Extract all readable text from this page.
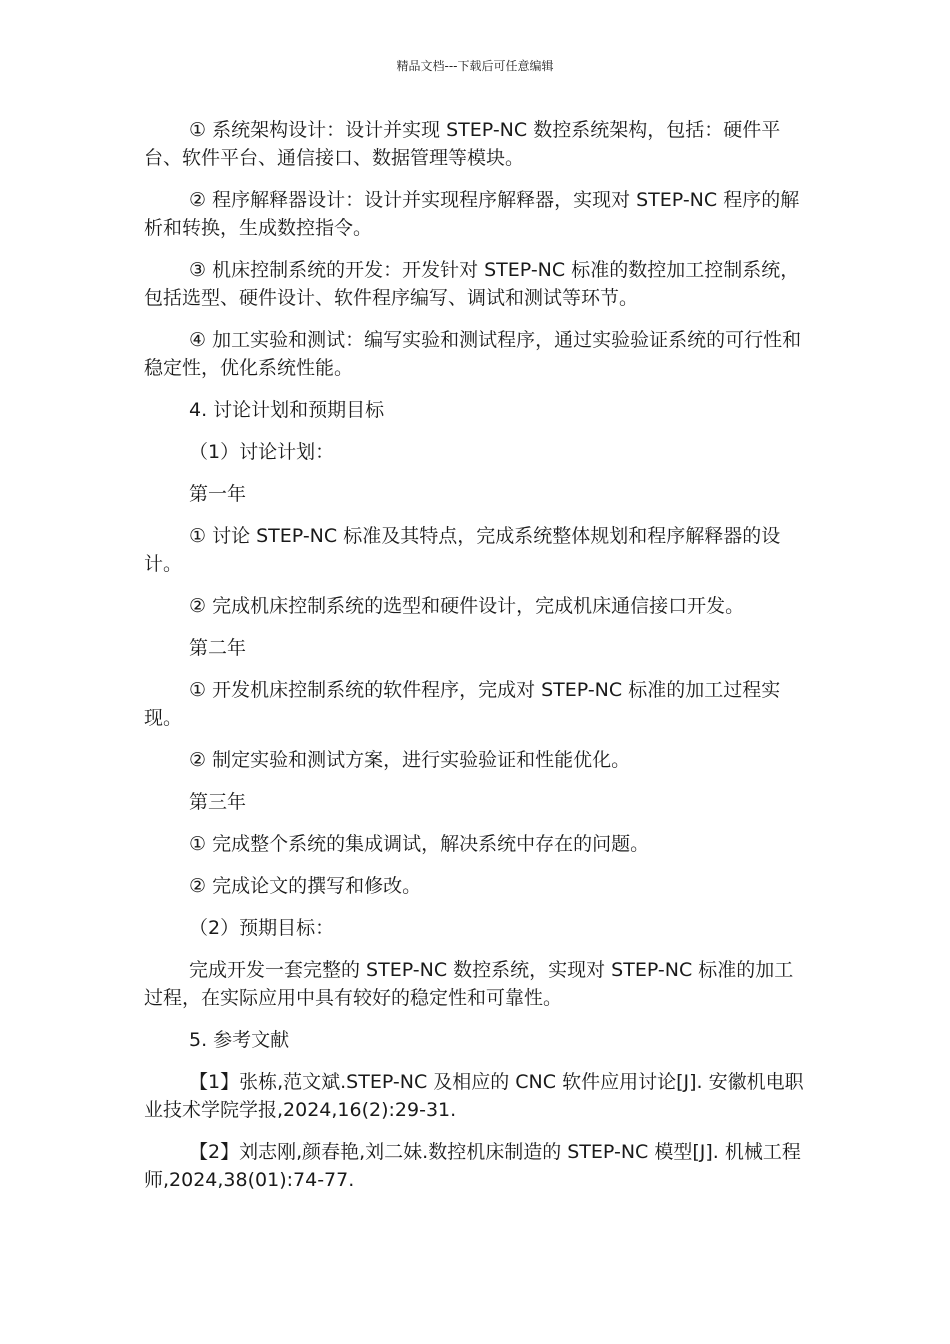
精品文档---下载后可任意编辑

① 系统架构设计：设计并实现 STEP-NC 数控系统架构，包括：硬件平台、软件平台、通信接口、数据管理等模块。

② 程序解释器设计：设计并实现程序解释器，实现对 STEP-NC 程序的解析和转换，生成数控指令。

③ 机床控制系统的开发：开发针对 STEP-NC 标准的数控加工控制系统，包括选型、硬件设计、软件程序编写、调试和测试等环节。

④ 加工实验和测试：编写实验和测试程序，通过实验验证系统的可行性和稳定性，优化系统性能。

4. 讨论计划和预期目标

（1）讨论计划：

第一年

① 讨论 STEP-NC 标准及其特点，完成系统整体规划和程序解释器的设计。

② 完成机床控制系统的选型和硬件设计，完成机床通信接口开发。

第二年

① 开发机床控制系统的软件程序，完成对 STEP-NC 标准的加工过程实现。

② 制定实验和测试方案，进行实验验证和性能优化。

第三年

① 完成整个系统的集成调试，解决系统中存在的问题。

② 完成论文的撰写和修改。

（2）预期目标：

完成开发一套完整的 STEP-NC 数控系统，实现对 STEP-NC 标准的加工过程，在实际应用中具有较好的稳定性和可靠性。

5. 参考文献

【1】张栋,范文斌.STEP-NC 及相应的 CNC 软件应用讨论[J]. 安徽机电职业技术学院学报,2024,16(2):29-31.

【2】刘志刚,颜春艳,刘二妹.数控机床制造的 STEP-NC 模型[J]. 机械工程师,2024,38(01):74-77.
